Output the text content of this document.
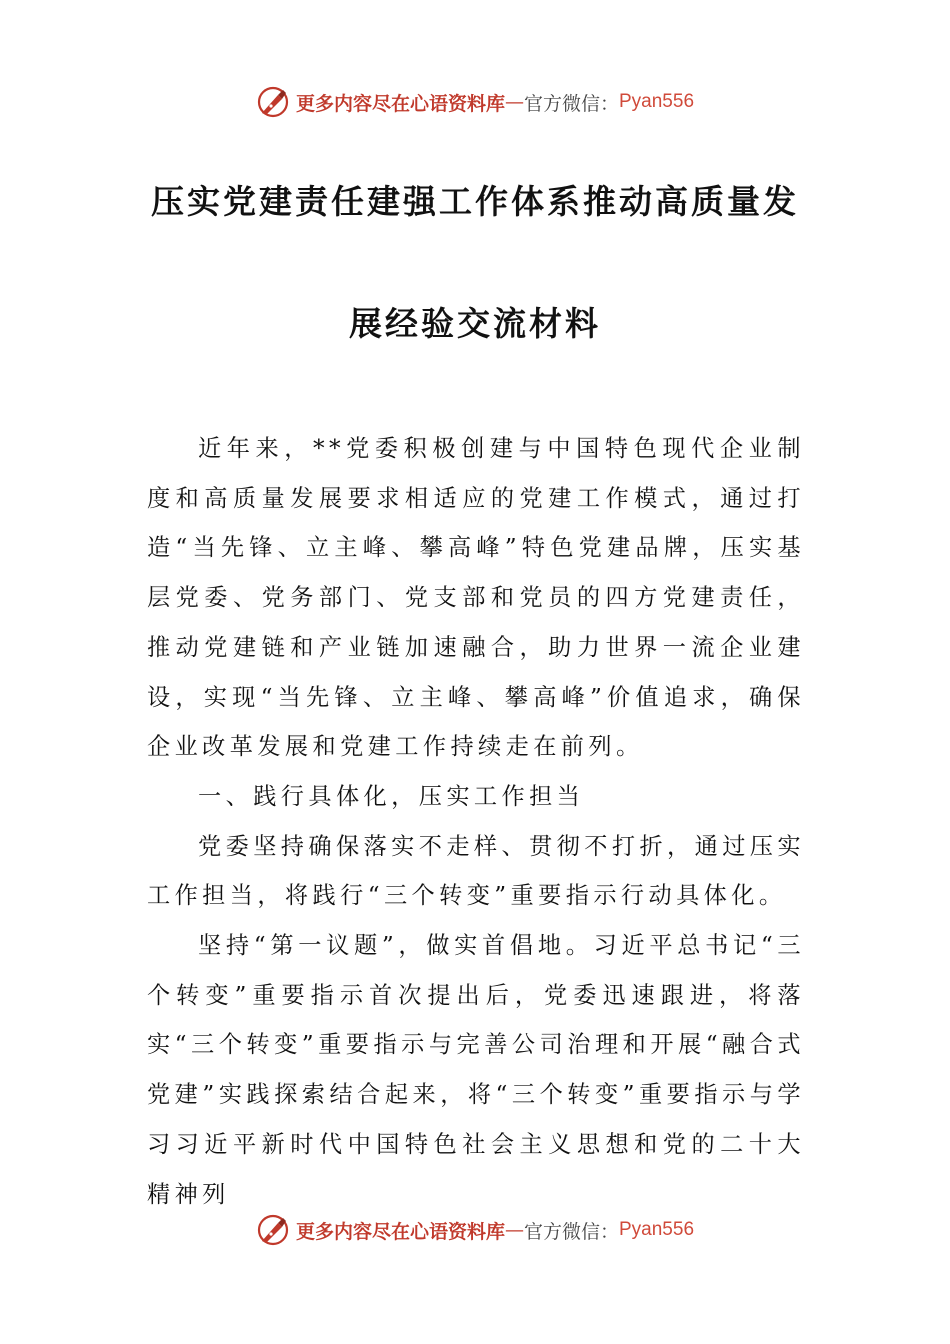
更多内容尽在心语资料库 — 官方微信： Pyan556
压实党建责任建强工作体系推动高质量发
展经验交流材料

近年来，**党委积极创建与中国特色现代企业制度和高质量发展要求相适应的党建工作模式，通过打造“当先锋、立主峰、攀高峰”特色党建品牌，压实基层党委、党务部门、党支部和党员的四方党建责任，推动党建链和产业链加速融合，助力世界一流企业建设，实现“当先锋、立主峰、攀高峰”价值追求，确保企业改革发展和党建工作持续走在前列。

一、践行具体化，压实工作担当

党委坚持确保落实不走样、贯彻不打折，通过压实工作担当，将践行“三个转变”重要指示行动具体化。

坚持“第一议题”，做实首倡地。习近平总书记“三个转变”重要指示首次提出后，党委迅速跟进，将落实“三个转变”重要指示与完善公司治理和开展“融合式党建”实践探索结合起来，将“三个转变”重要指示与学习习近平新时代中国特色社会主义思想和党的二十大精神列

更多内容尽在心语资料库 — 官方微信： Pyan556
